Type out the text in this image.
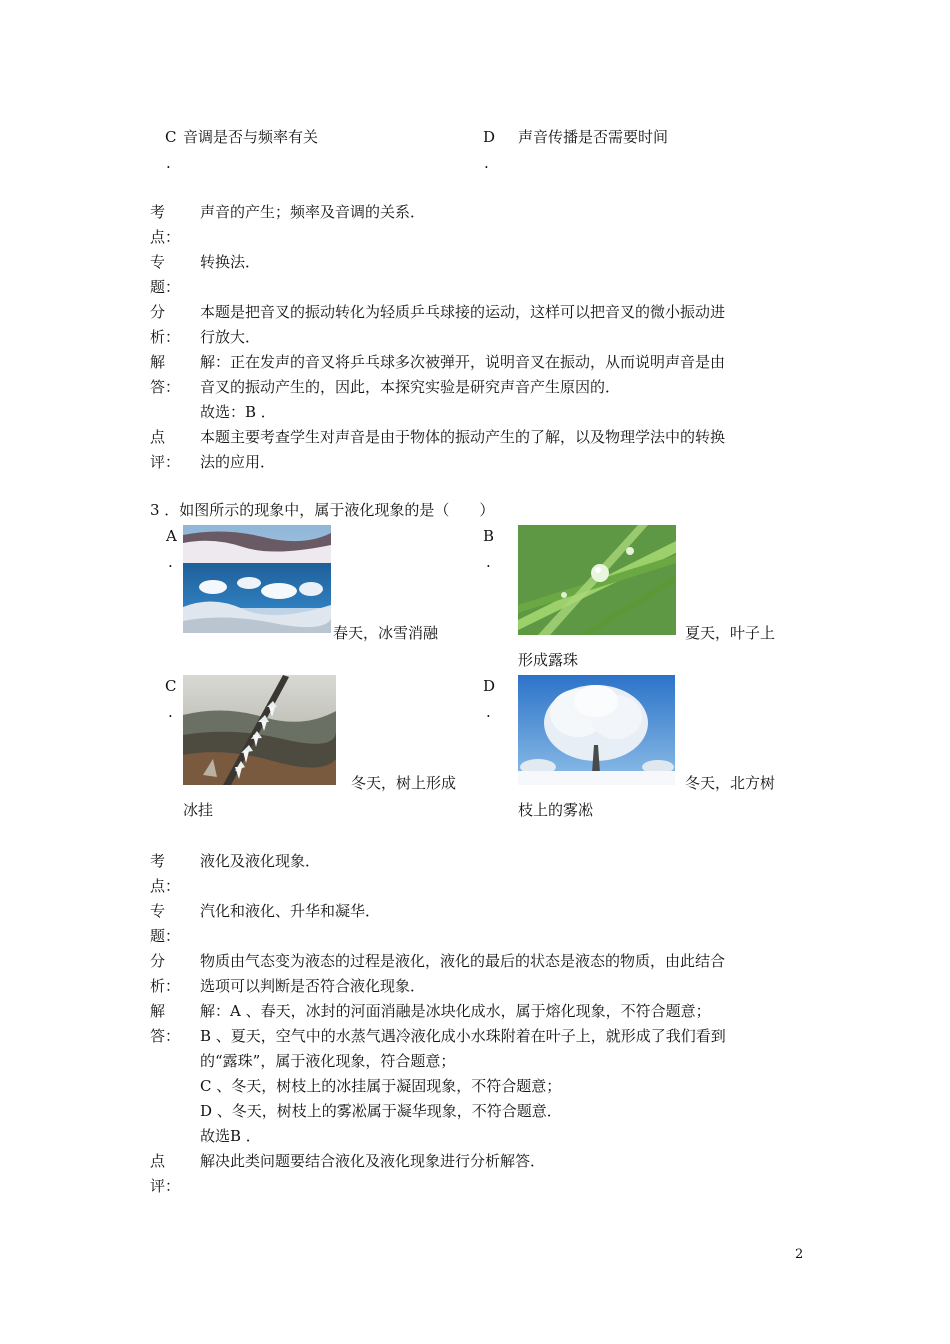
C 音调是否与频率有关
.
D 声音传播是否需要时间
.
考
点：
声音的产生；频率及音调的关系．
专
题：
转换法．
分
析：
本题是把音叉的振动转化为轻质乒乓球接的运动，这样可以把音叉的微小振动进
行放大．
解
答：
解：正在发声的音叉将乒乓球多次被弹开，说明音叉在振动，从而说明声音是由
音叉的振动产生的，因此，本探究实验是研究声音产生原因的．
故选：B ．
点
评：
本题主要考查学生对声音是由于物体的振动产生的了解，以及物理学法中的转换
法的应用．
3 ．如图所示的现象中，属于液化现象的是（　　）
A
.
春天，冰雪消融
B
.
夏天，叶子上
形成露珠
C
.
冬天，树上形成
冰挂
D
.
冬天，北方树
枝上的雾凇
考
点：
液化及液化现象．
专
题：
汽化和液化、升华和凝华．
分
析：
物质由气态变为液态的过程是液化，液化的最后的状态是液态的物质，由此结合
选项可以判断是否符合液化现象．
解
答：
解：A 、春天，冰封的河面消融是冰块化成水，属于熔化现象，不符合题意；
B 、夏天，空气中的水蒸气遇冷液化成小水珠附着在叶子上，就形成了我们看到
的“露珠”，属于液化现象，符合题意；
C 、冬天，树枝上的冰挂属于凝固现象，不符合题意；
D 、冬天，树枝上的雾凇属于凝华现象，不符合题意．
故选B ．
点
评：
解决此类问题要结合液化及液化现象进行分析解答．
2
